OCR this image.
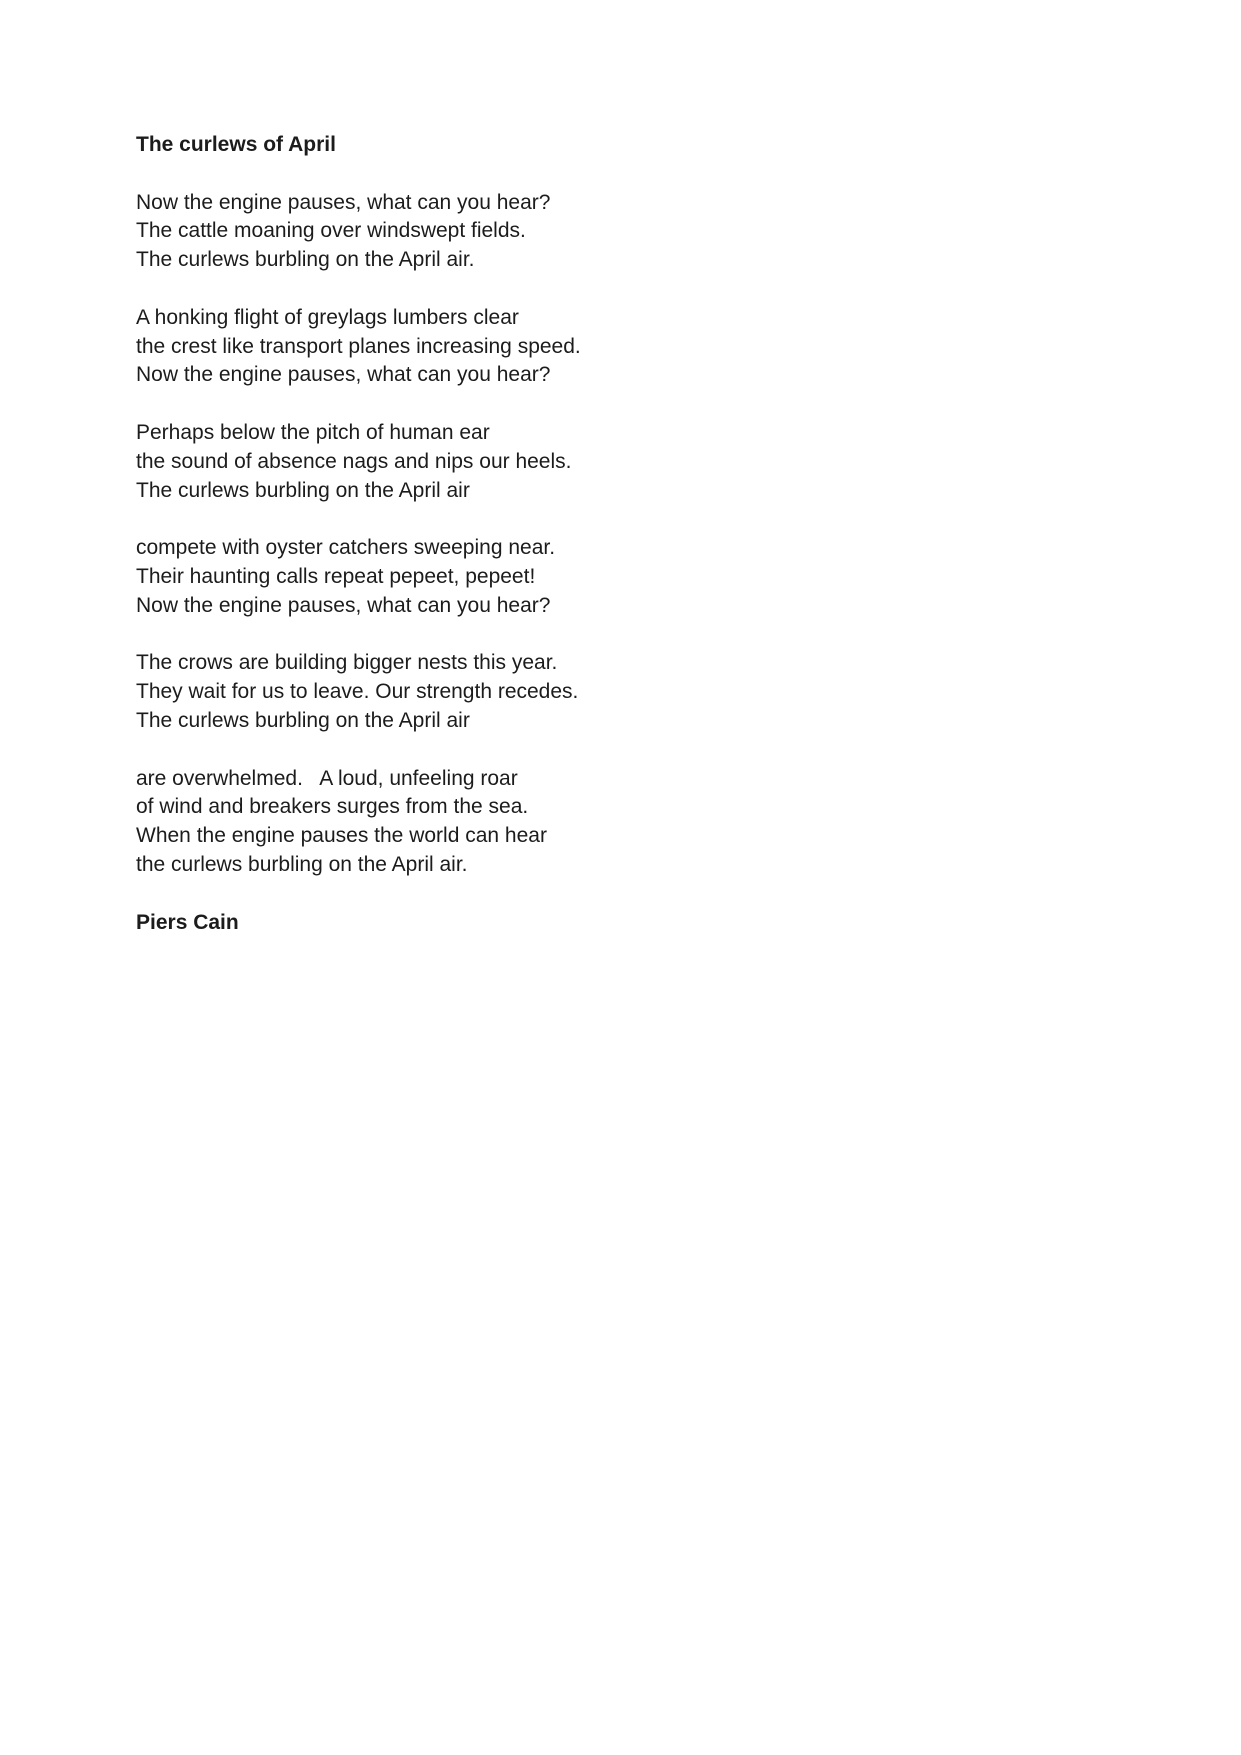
The curlews of April
Now the engine pauses, what can you hear?
The cattle moaning over windswept fields.
The curlews burbling on the April air.
A honking flight of greylags lumbers clear
the crest like transport planes increasing speed.
Now the engine pauses, what can you hear?
Perhaps below the pitch of human ear
the sound of absence nags and nips our heels.
The curlews burbling on the April air
compete with oyster catchers sweeping near.
Their haunting calls repeat pepeet, pepeet!
Now the engine pauses, what can you hear?
The crows are building bigger nests this year.
They wait for us to leave. Our strength recedes.
The curlews burbling on the April air
are overwhelmed.   A loud, unfeeling roar
of wind and breakers surges from the sea.
When the engine pauses the world can hear
the curlews burbling on the April air.
Piers Cain
